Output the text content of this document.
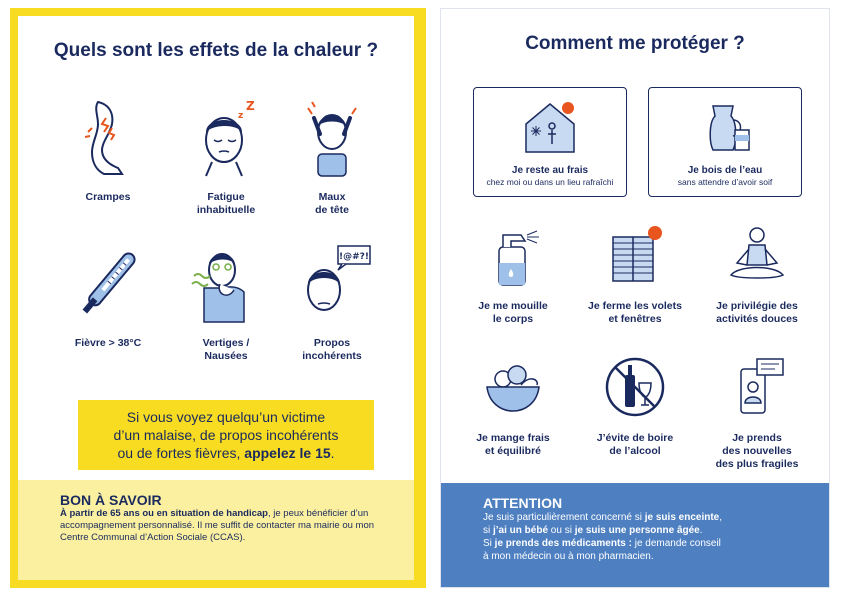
Quels sont les effets de la chaleur ?
Crampes
z
Z
Fatigue
inhabituelle
Maux
de tête
Fièvre > 38°C	Vertiges /
Nausées
!@#?!
Propos
incohérents
Si vous voyez quelqu’un victime
d’un malaise, de propos incohérents
ou de fortes fièvres, appelez le 15.
BON À SAVOIR
À partir de 65 ans ou en situation de handicap, je peux bénéficier d’un accompagnement personnalisé. Il me suffit de contacter ma mairie ou mon Centre Communal d’Action Sociale (CCAS).
Comment me protéger ?
Je reste au frais
chez moi ou dans un lieu rafraîchi
Je bois de l’eau
sans attendre d’avoir soif
Je me mouille
le corps
Je ferme les volets
et fenêtres
Je privilégie des
activités douces
Je mange frais
et équilibré
J’évite de boire
de l’alcool
Je prends
des nouvelles
des plus fragiles
ATTENTION
Je suis particulièrement concerné si je suis enceinte,
si j’ai un bébé ou si je suis une personne âgée.
Si je prends des médicaments : je demande conseil
à mon médecin ou à mon pharmacien.
